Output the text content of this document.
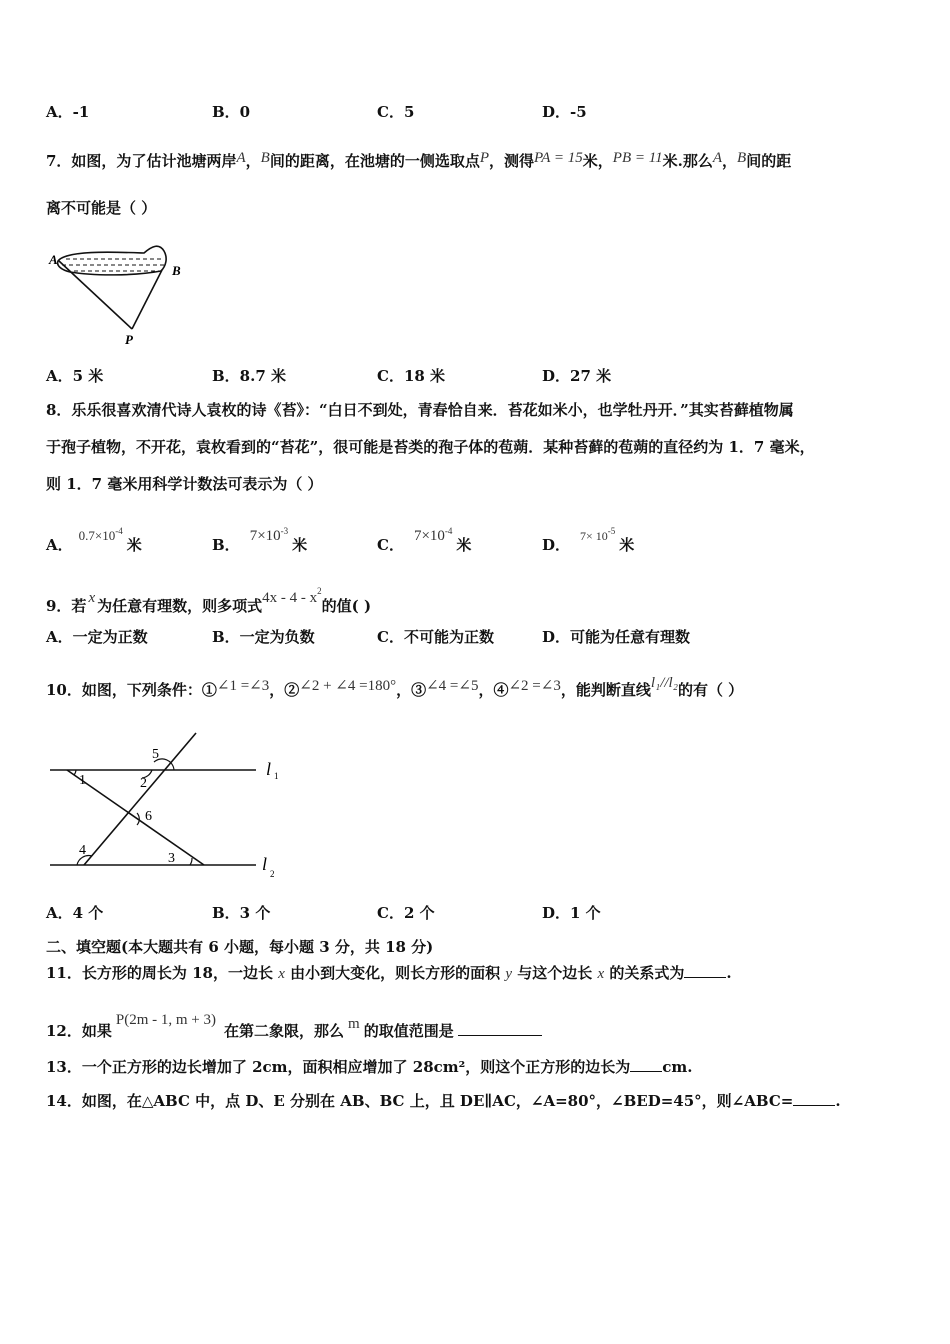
A．-1	B．0	C．5	D．-5
7．如图，为了估计池塘两岸A，B间的距离，在池塘的一侧选取点P，测得PA = 15米，PB = 11米.那么A，B间的距
离不可能是（ ）
A
B
P
A．5 米	B．8.7 米	C．18 米	D．27 米
8．乐乐很喜欢清代诗人袁枚的诗《苔》：“白日不到处，青春恰自来．苔花如米小，也学牡丹开．”其实苔藓植物属
于孢子植物，不开花，袁枚看到的“苔花”，很可能是苔类的孢子体的苞蒴．某种苔藓的苞蒴的直径约为 1．7 毫米，
则 1．7 毫米用科学计数法可表示为（ ）
A．$0.7\times 10^{-4}$米	B． $7\times 10^{-3}$米	C． $7\times 10^{-4}$米	D． $^{7\times 10-5}$米
9．若 x 为任意有理数，则多项式$4x - 4 - x^2$的值( )
A．一定为正数	B．一定为负数	C．不可能为正数	D．可能为任意有理数
10．如图，下列条件：①∠1 =∠3，②∠2 + ∠4 =180°，③∠4 =∠5，④∠2 =∠3，能判断直线l₁//l₂的有（ ）
1	2
3
4
5
6
l 1
l 2
A．4 个	B．3 个	C．2 个	D．1 个
二、填空题(本大题共有 6 小题，每小题 3 分，共 18 分)
11．长方形的周长为 18，一边长 x 由小到大变化，则长方形的面积 y 与这个边长 x 的关系式为	.
12．如果P(2m - 1, m + 3)在第二象限，那么 m 的取值范围是
13．一个正方形的边长增加了 2cm，面积相应增加了 28cm²，则这个正方形的边长为 cm.
14．如图，在△ABC 中，点 D、E 分别在 AB、BC 上，且 DE∥AC，∠A=80°，∠BED=45°，则∠ABC=	.
